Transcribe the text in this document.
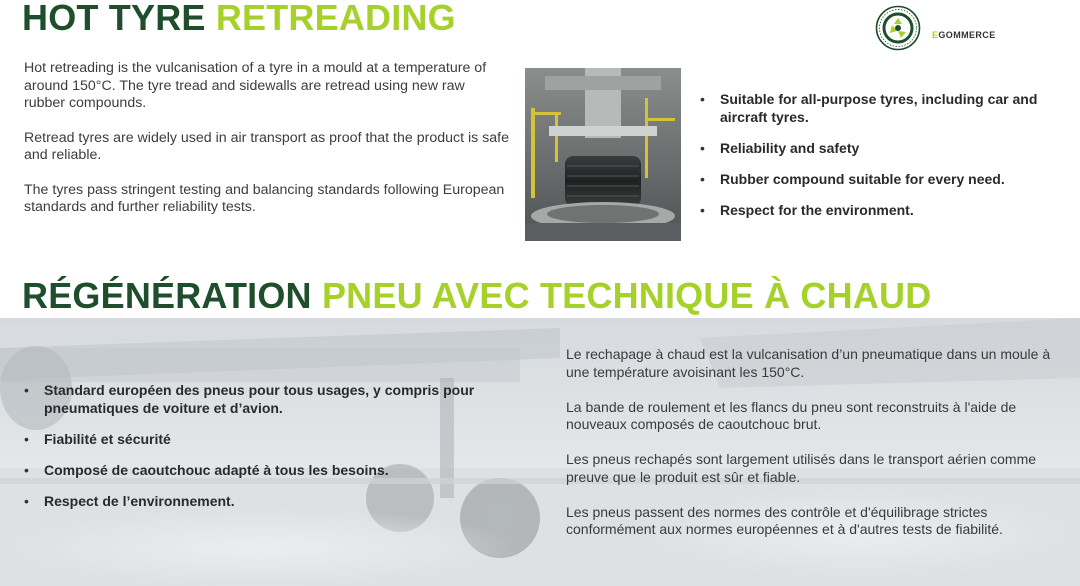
HOT TYRE RETREADING	EGOMMERCE

Hot retreading is the vulcanisation of a tyre in a mould at a temperature of around 150°C. The tyre tread and sidewalls are retread using new raw rubber compounds.

Retread tyres are widely used in air transport as proof that the product is safe and reliable.

The tyres pass stringent testing and balancing standards following European standards and further reliability tests.

• Suitable for all-purpose tyres, including car and aircraft tyres.
• Reliability and safety
• Rubber compound suitable for every need.
• Respect for the environment.
RÉGÉNÉRATION PNEU AVEC TECHNIQUE À CHAUD
• Standard européen des pneus pour tous usages, y compris pour pneumatiques de voiture et d’avion.
• Fiabilité et sécurité
• Composé de caoutchouc adapté à tous les besoins.
• Respect de l’environnement.

Le rechapage à chaud est la vulcanisation d’un pneumatique dans un moule à une température avoisinant les 150°C.

La bande de roulement et les flancs du pneu sont reconstruits à l'aide de nouveaux composés de caoutchouc brut.

Les pneus rechapés sont largement utilisés dans le transport aérien comme preuve que le produit est sûr et fiable.

Les pneus passent des normes des contrôle et d'équilibrage strictes conformément aux normes européennes et à d'autres tests de fiabilité.
